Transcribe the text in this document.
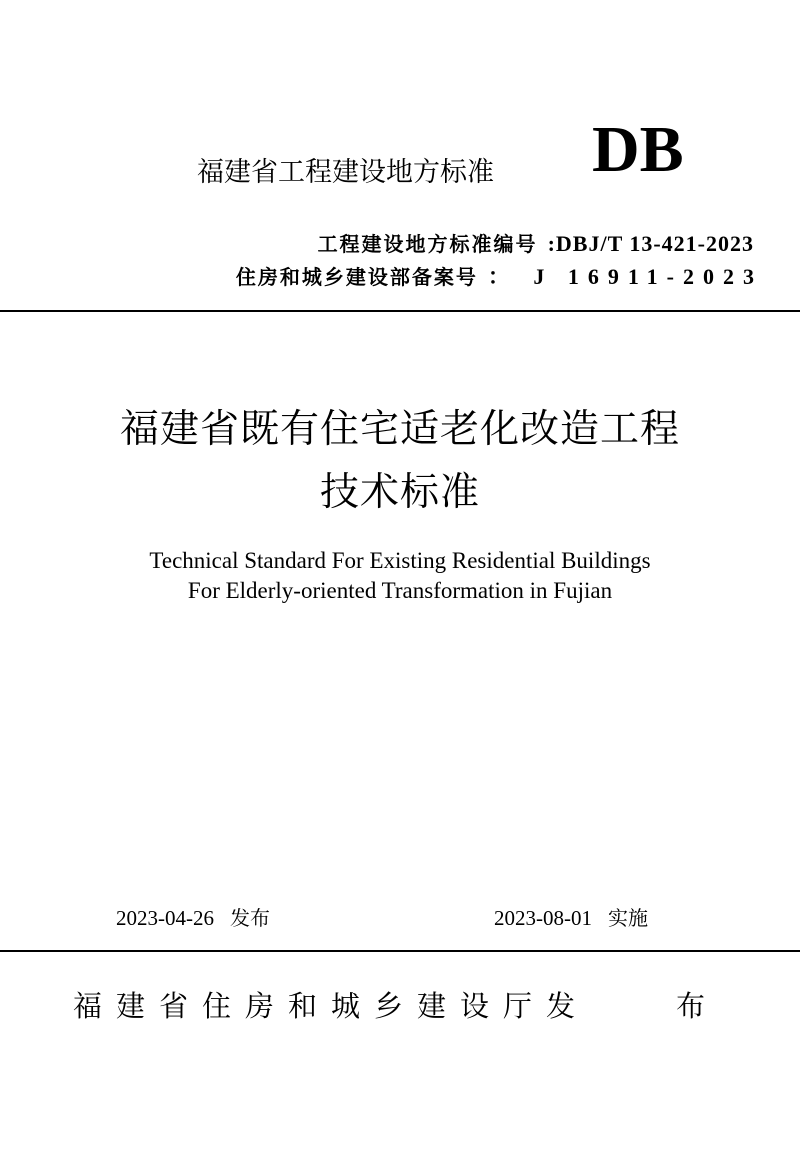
福建省工程建设地方标准 DB
工程建设地方标准编号 :DBJ/T 13-421-2023
住房和城乡建设部备案号 ： J 16911-2023
福建省既有住宅适老化改造工程
技术标准
Technical Standard For Existing Residential Buildings
For Elderly-oriented Transformation in Fujian
2023-04-26 发布	2023-08-01 实施
福建省住房和城乡建设厅发	布
